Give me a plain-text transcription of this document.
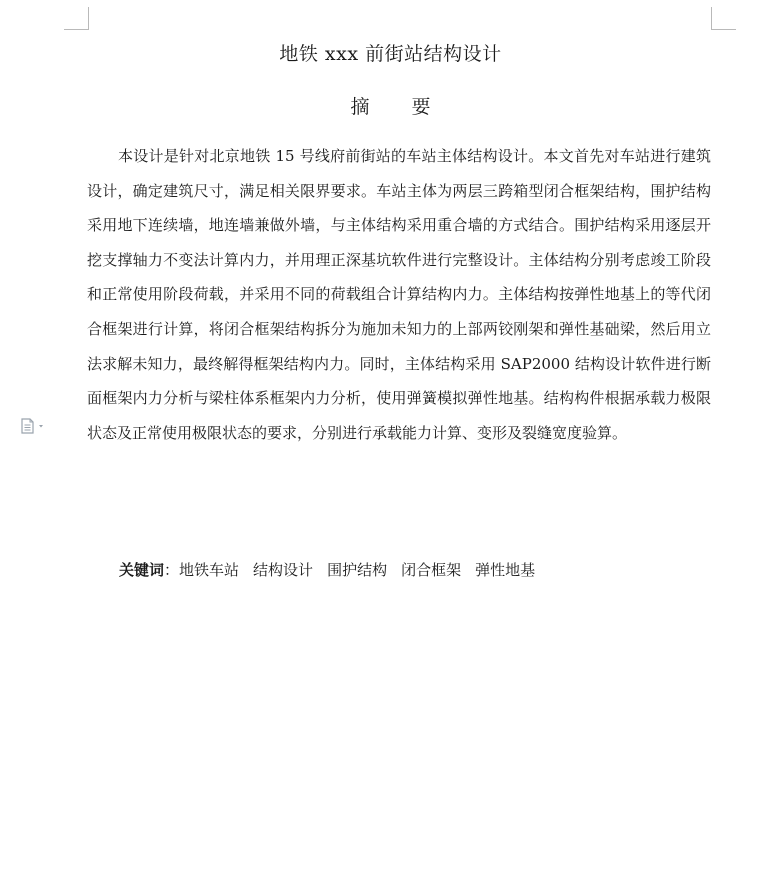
地铁 xxx 前街站结构设计
摘 要

本设计是针对北京地铁 15 号线府前街站的车站主体结构设计。本文首先对车站进行建筑设计，确定建筑尺寸，满足相关限界要求。车站主体为两层三跨箱型闭合框架结构，围护结构采用地下连续墙，地连墙兼做外墙，与主体结构采用重合墙的方式结合。围护结构采用逐层开挖支撑轴力不变法计算内力，并用理正深基坑软件进行完整设计。主体结构分别考虑竣工阶段和正常使用阶段荷载，并采用不同的荷载组合计算结构内力。主体结构按弹性地基上的等代闭合框架进行计算，将闭合框架结构拆分为施加未知力的上部两铰刚架和弹性基础梁，然后用立法求解未知力，最终解得框架结构内力。同时，主体结构采用 SAP2000 结构设计软件进行断面框架内力分析与梁柱体系框架内力分析，使用弹簧模拟弹性地基。结构构件根据承载力极限状态及正常使用极限状态的要求，分别进行承载能力计算、变形及裂缝宽度验算。

关键词：地铁车站 结构设计 围护结构 闭合框架 弹性地基
